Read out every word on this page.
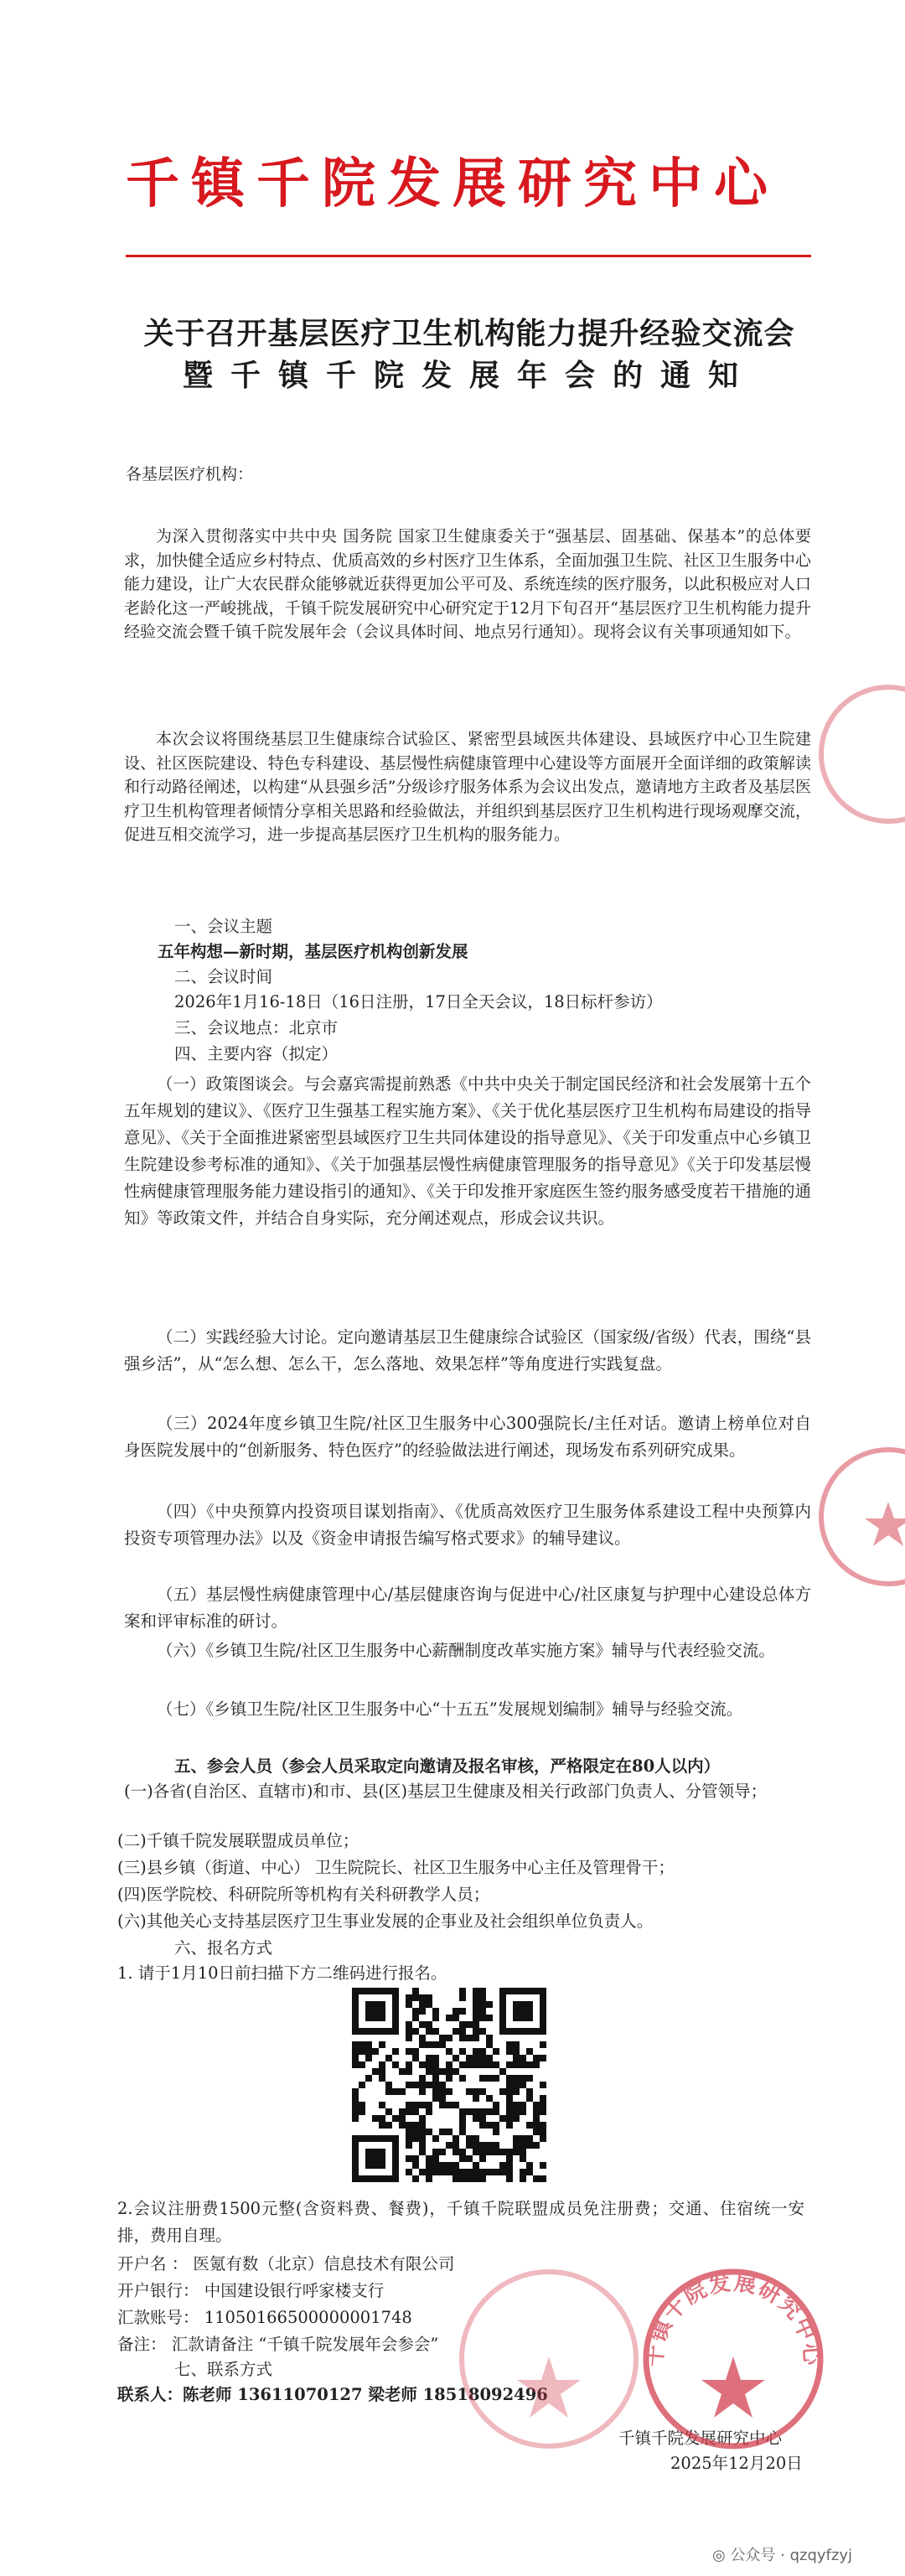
千镇千院发展研究中心
关于召开基层医疗卫生机构能力提升经验交流会
暨千镇千院发展年会的通知
各基层医疗机构：
为深入贯彻落实中共中央 国务院 国家卫生健康委关于“强基层、固基础、保基本”的总体要求，加快健全适应乡村特点、优质高效的乡村医疗卫生体系，全面加强卫生院、社区卫生服务中心能力建设，让广大农民群众能够就近获得更加公平可及、系统连续的医疗服务，以此积极应对人口老龄化这一严峻挑战，千镇千院发展研究中心研究定于12月下旬召开“基层医疗卫生机构能力提升经验交流会暨千镇千院发展年会（会议具体时间、地点另行通知）。现将会议有关事项通知如下。
本次会议将围绕基层卫生健康综合试验区、紧密型县域医共体建设、县域医疗中心卫生院建设、社区医院建设、特色专科建设、基层慢性病健康管理中心建设等方面展开全面详细的政策解读和行动路径阐述，以构建“从县强乡活”分级诊疗服务体系为会议出发点，邀请地方主政者及基层医疗卫生机构管理者倾情分享相关思路和经验做法，并组织到基层医疗卫生机构进行现场观摩交流，促进互相交流学习，进一步提高基层医疗卫生机构的服务能力。
一、会议主题
五年构想—新时期，基层医疗机构创新发展
二、会议时间
2026年1月16-18日（16日注册，17日全天会议，18日标杆参访）
三、会议地点：北京市
四、主要内容（拟定）
（一）政策图谈会。与会嘉宾需提前熟悉《中共中央关于制定国民经济和社会发展第十五个五年规划的建议》、《医疗卫生强基工程实施方案》、《关于优化基层医疗卫生机构布局建设的指导意见》、《关于全面推进紧密型县域医疗卫生共同体建设的指导意见》、《关于印发重点中心乡镇卫生院建设参考标准的通知》、《关于加强基层慢性病健康管理服务的指导意见》《关于印发基层慢性病健康管理服务能力建设指引的通知》、《关于印发推开家庭医生签约服务感受度若干措施的通知》等政策文件，并结合自身实际，充分阐述观点，形成会议共识。
（二）实践经验大讨论。定向邀请基层卫生健康综合试验区（国家级/省级）代表，围绕“县强乡活”，从“怎么想、怎么干，怎么落地、效果怎样”等角度进行实践复盘。
（三）2024年度乡镇卫生院/社区卫生服务中心300强院长/主任对话。邀请上榜单位对自身医院发展中的“创新服务、特色医疗”的经验做法进行阐述，现场发布系列研究成果。
（四）《中央预算内投资项目谋划指南》、《优质高效医疗卫生服务体系建设工程中央预算内投资专项管理办法》以及《资金申请报告编写格式要求》的辅导建议。
（五）基层慢性病健康管理中心/基层健康咨询与促进中心/社区康复与护理中心建设总体方案和评审标准的研讨。
（六）《乡镇卫生院/社区卫生服务中心薪酬制度改革实施方案》辅导与代表经验交流。
（七）《乡镇卫生院/社区卫生服务中心“十五五”发展规划编制》辅导与经验交流。
五、参会人员（参会人员采取定向邀请及报名审核，严格限定在80人以内）
(一)各省(自治区、直辖市)和市、县(区)基层卫生健康及相关行政部门负责人、分管领导；
(二)千镇千院发展联盟成员单位；
(三)县乡镇（街道、中心） 卫生院院长、社区卫生服务中心主任及管理骨干；
(四)医学院校、科研院所等机构有关科研教学人员；
(六)其他关心支持基层医疗卫生事业发展的企事业及社会组织单位负责人。
六、报名方式
1. 请于1月10日前扫描下方二维码进行报名。
2.会议注册费1500元整(含资料费、餐费)，千镇千院联盟成员免注册费；交通、住宿统一安排，费用自理。
开户名 ： 医氪有数（北京）信息技术有限公司
开户银行： 中国建设银行呼家楼支行
汇款账号： 11050166500000001748
备注： 汇款请备注 “千镇千院发展年会参会”
七、联系方式
联系人：陈老师 13611070127 梁老师 18518092496
千镇千院发展研究中心
2025年12月20日
千镇千院发展研究中心
◎ 公众号 · qzqyfzyj
